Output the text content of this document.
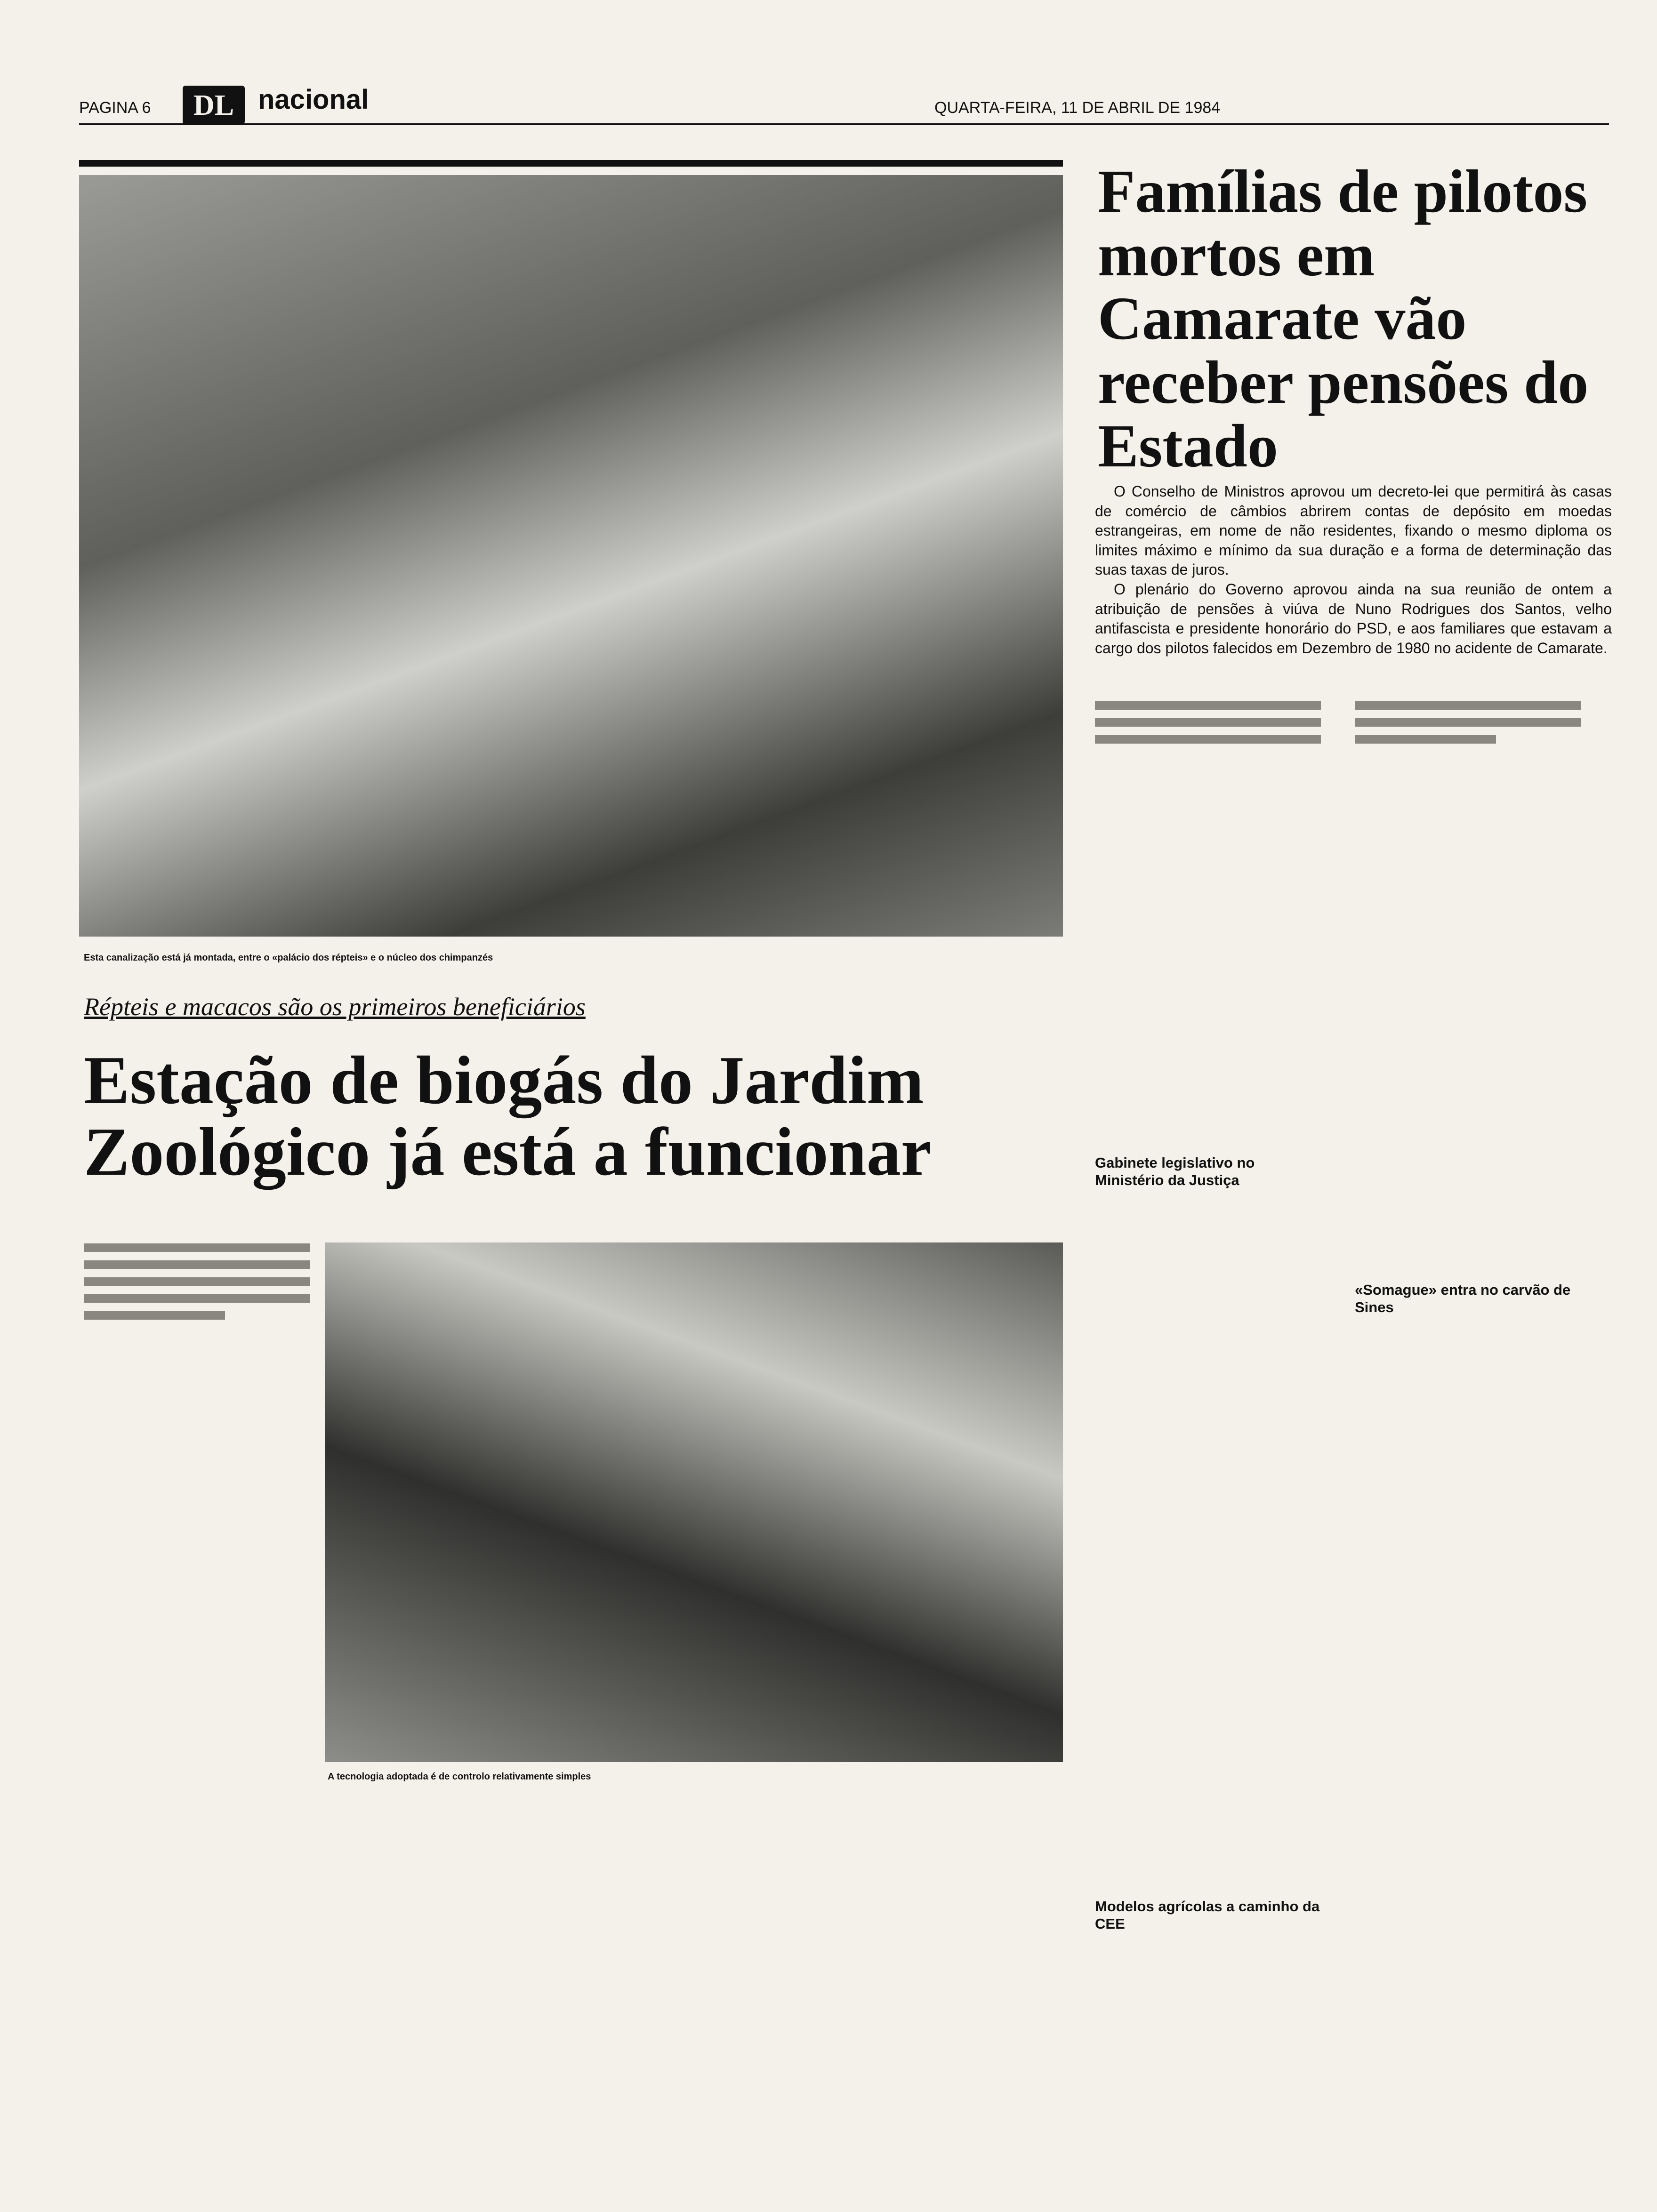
PAGINA 6 DL nacional	QUARTA-FEIRA, 11 DE ABRIL DE 1984
Esta canalização está já montada, entre o «palácio dos répteis» e o núcleo dos chimpanzés
Répteis e macacos são os primeiros beneficiários
Estação de biogás do Jardim Zoológico já está a funcionar
A tecnologia adoptada é de controlo relativamente simples
Famílias de pilotos mortos em Camarate vão receber pensões do Estado

O Conselho de Ministros aprovou um decreto-lei que permitirá às casas de comércio de câmbios abrirem contas de depósito em moedas estrangeiras, em nome de não residentes, fixando o mesmo diploma os limites máximo e mínimo da sua duração e a forma de determinação das suas taxas de juros.

O plenário do Governo aprovou ainda na sua reunião de ontem a atribuição de pensões à viúva de Nuno Rodrigues dos Santos, velho antifascista e presidente honorário do PSD, e aos familiares que estavam a cargo dos pilotos falecidos em Dezembro de 1980 no acidente de Camarate.

Gabinete legislativo no Ministério da Justiça
Modelos agrícolas a caminho da CEE
«Somague» entra no carvão de Sines
